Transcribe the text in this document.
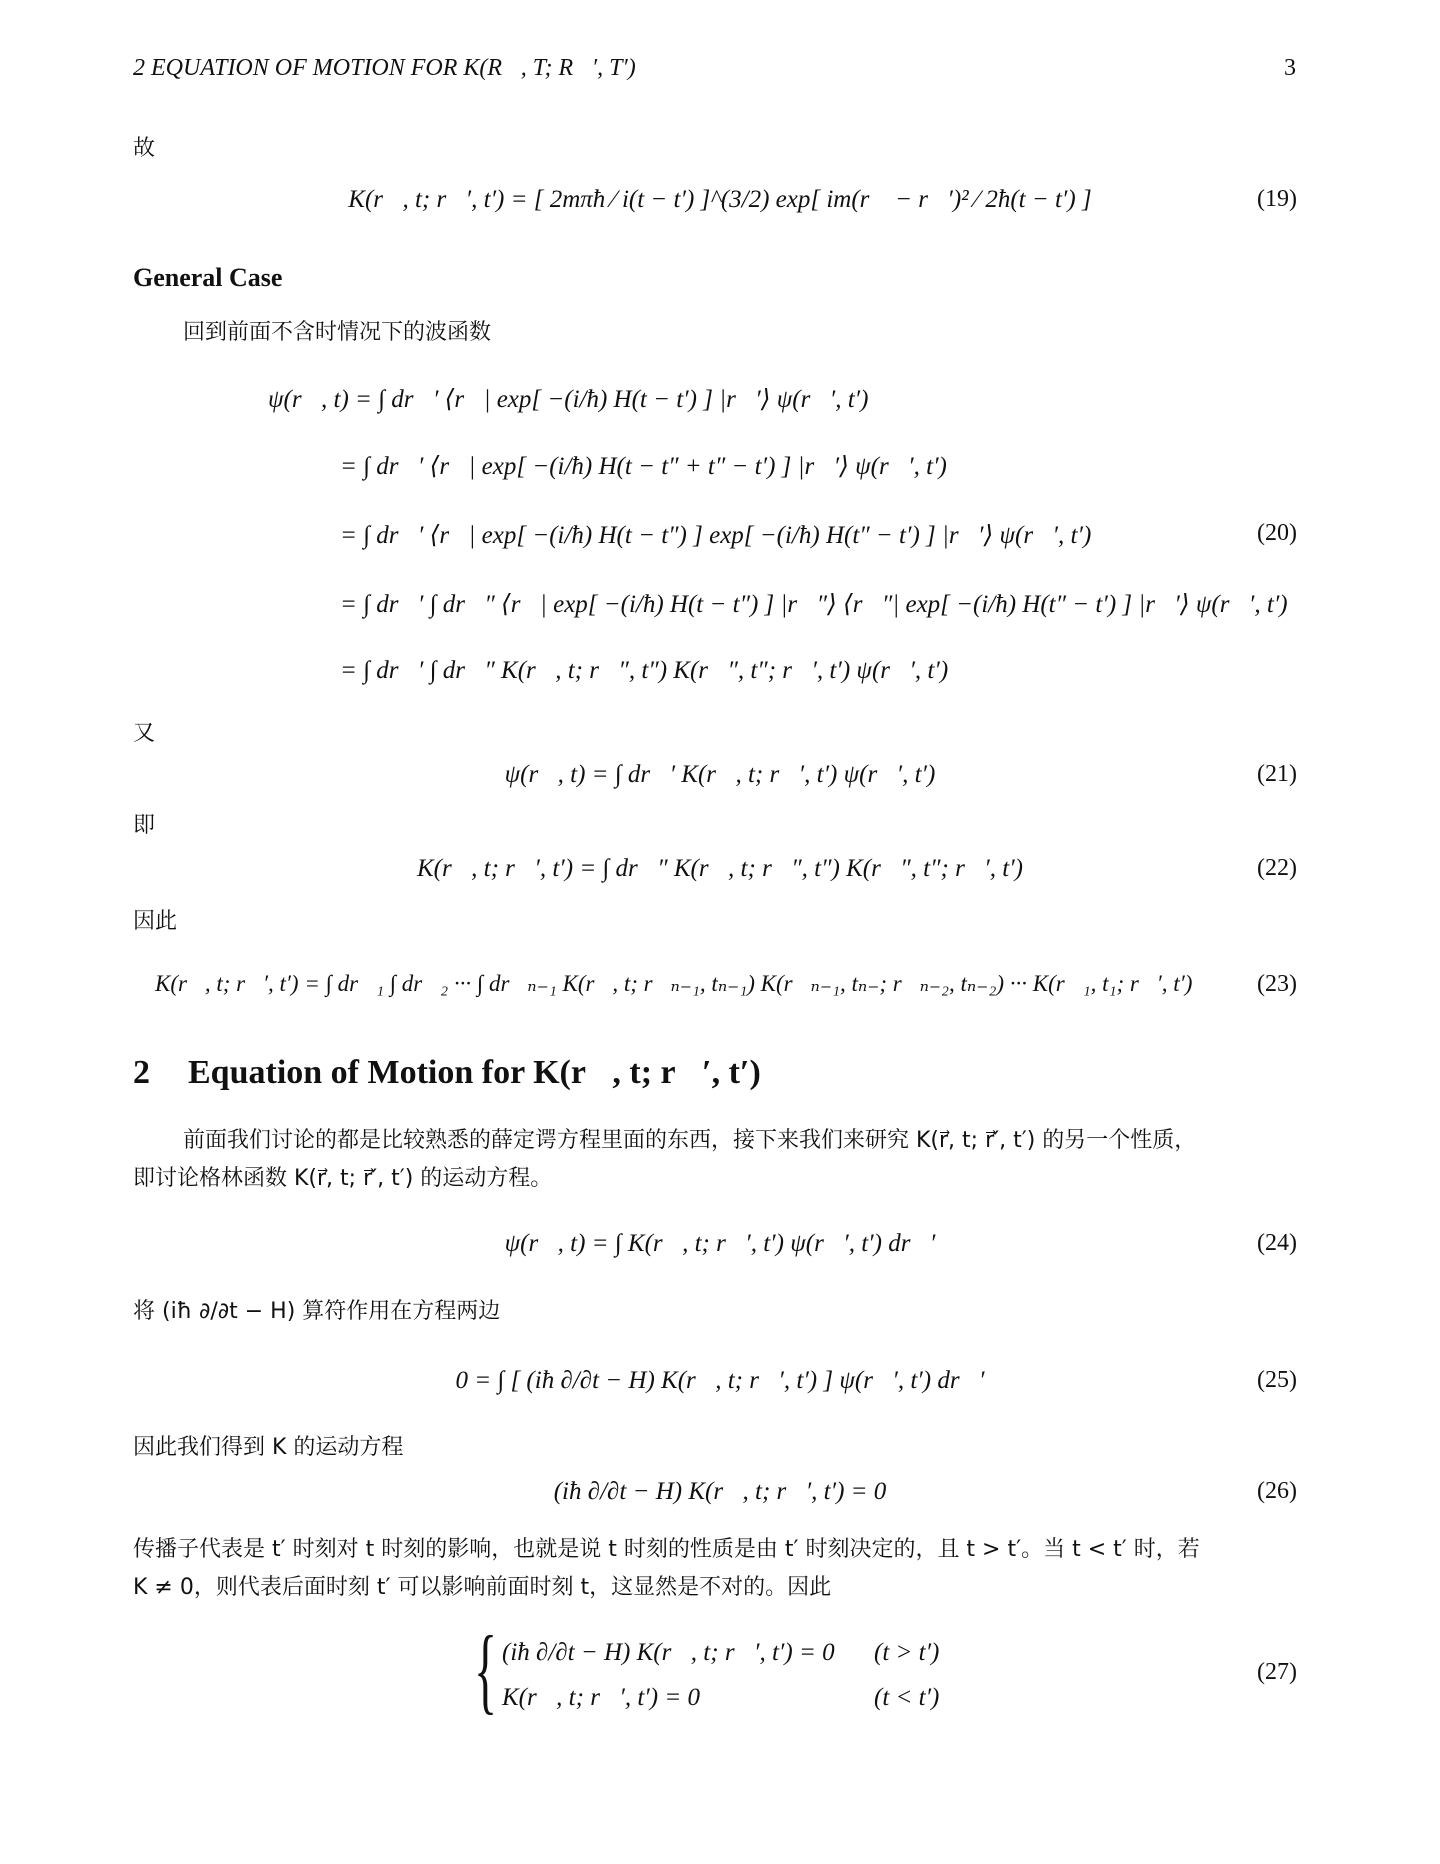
2 EQUATION OF MOTION FOR K(R⃗, T; R⃗′, T′)	3
故
K(r⃗, t; r⃗′, t′) = [ 2mπħ ⁄ i(t − t′) ]^(3/2) exp[ im(r⃗ − r⃗′)² ⁄ 2ħ(t − t′) ]	(19)
General Case
回到前面不含时情况下的波函数
ψ(r⃗, t) = ∫ dr⃗′ ⟨r⃗| exp[ −(i/ħ) H(t − t′) ] |r⃗′⟩ ψ(r⃗′, t′)
= ∫ dr⃗′ ⟨r⃗| exp[ −(i/ħ) H(t − t″ + t″ − t′) ] |r⃗′⟩ ψ(r⃗′, t′)
= ∫ dr⃗′ ⟨r⃗| exp[ −(i/ħ) H(t − t″) ] exp[ −(i/ħ) H(t″ − t′) ] |r⃗′⟩ ψ(r⃗′, t′)
= ∫ dr⃗′ ∫ dr⃗″ ⟨r⃗| exp[ −(i/ħ) H(t − t″) ] |r⃗″⟩ ⟨r⃗″| exp[ −(i/ħ) H(t″ − t′) ] |r⃗′⟩ ψ(r⃗′, t′)
= ∫ dr⃗′ ∫ dr⃗″ K(r⃗, t; r⃗″, t″) K(r⃗″, t″; r⃗′, t′) ψ(r⃗′, t′)
(20)
又
ψ(r⃗, t) = ∫ dr⃗′ K(r⃗, t; r⃗′, t′) ψ(r⃗′, t′)	(21)
即
K(r⃗, t; r⃗′, t′) = ∫ dr⃗″ K(r⃗, t; r⃗″, t″) K(r⃗″, t″; r⃗′, t′)	(22)
因此
K(r⃗, t; r⃗′, t′) = ∫ dr⃗₁ ∫ dr⃗₂ ··· ∫ dr⃗ₙ₋₁ K(r⃗, t; r⃗ₙ₋₁, tₙ₋₁) K(r⃗ₙ₋₁, tₙ₋; r⃗ₙ₋₂, tₙ₋₂) ··· K(r⃗₁, t₁; r⃗′, t′)	(23)
2 Equation of Motion for K(r⃗, t; r⃗′, t′)
前面我们讨论的都是比较熟悉的薛定谔方程里面的东西，接下来我们来研究 K(r⃗, t; r⃗′, t′) 的另一个性质，
即讨论格林函数 K(r⃗, t; r⃗′, t′) 的运动方程。
ψ(r⃗, t) = ∫ K(r⃗, t; r⃗′, t′) ψ(r⃗′, t′) dr⃗′	(24)
将 (iħ ∂/∂t − H) 算符作用在方程两边
0 = ∫ [ (iħ ∂/∂t − H) K(r⃗, t; r⃗′, t′) ] ψ(r⃗′, t′) dr⃗′	(25)
因此我们得到 K 的运动方程
(iħ ∂/∂t − H) K(r⃗, t; r⃗′, t′) = 0	(26)
传播子代表是 t′ 时刻对 t 时刻的影响，也就是说 t 时刻的性质是由 t′ 时刻决定的，且 t > t′。当 t < t′ 时，若
K ≠ 0，则代表后面时刻 t′ 可以影响前面时刻 t，这显然是不对的。因此
{ (iħ ∂/∂t − H) K(r⃗, t; r⃗′, t′) = 0 (t > t′)
K(r⃗, t; r⃗′, t′) = 0	(t < t′)
(27)
